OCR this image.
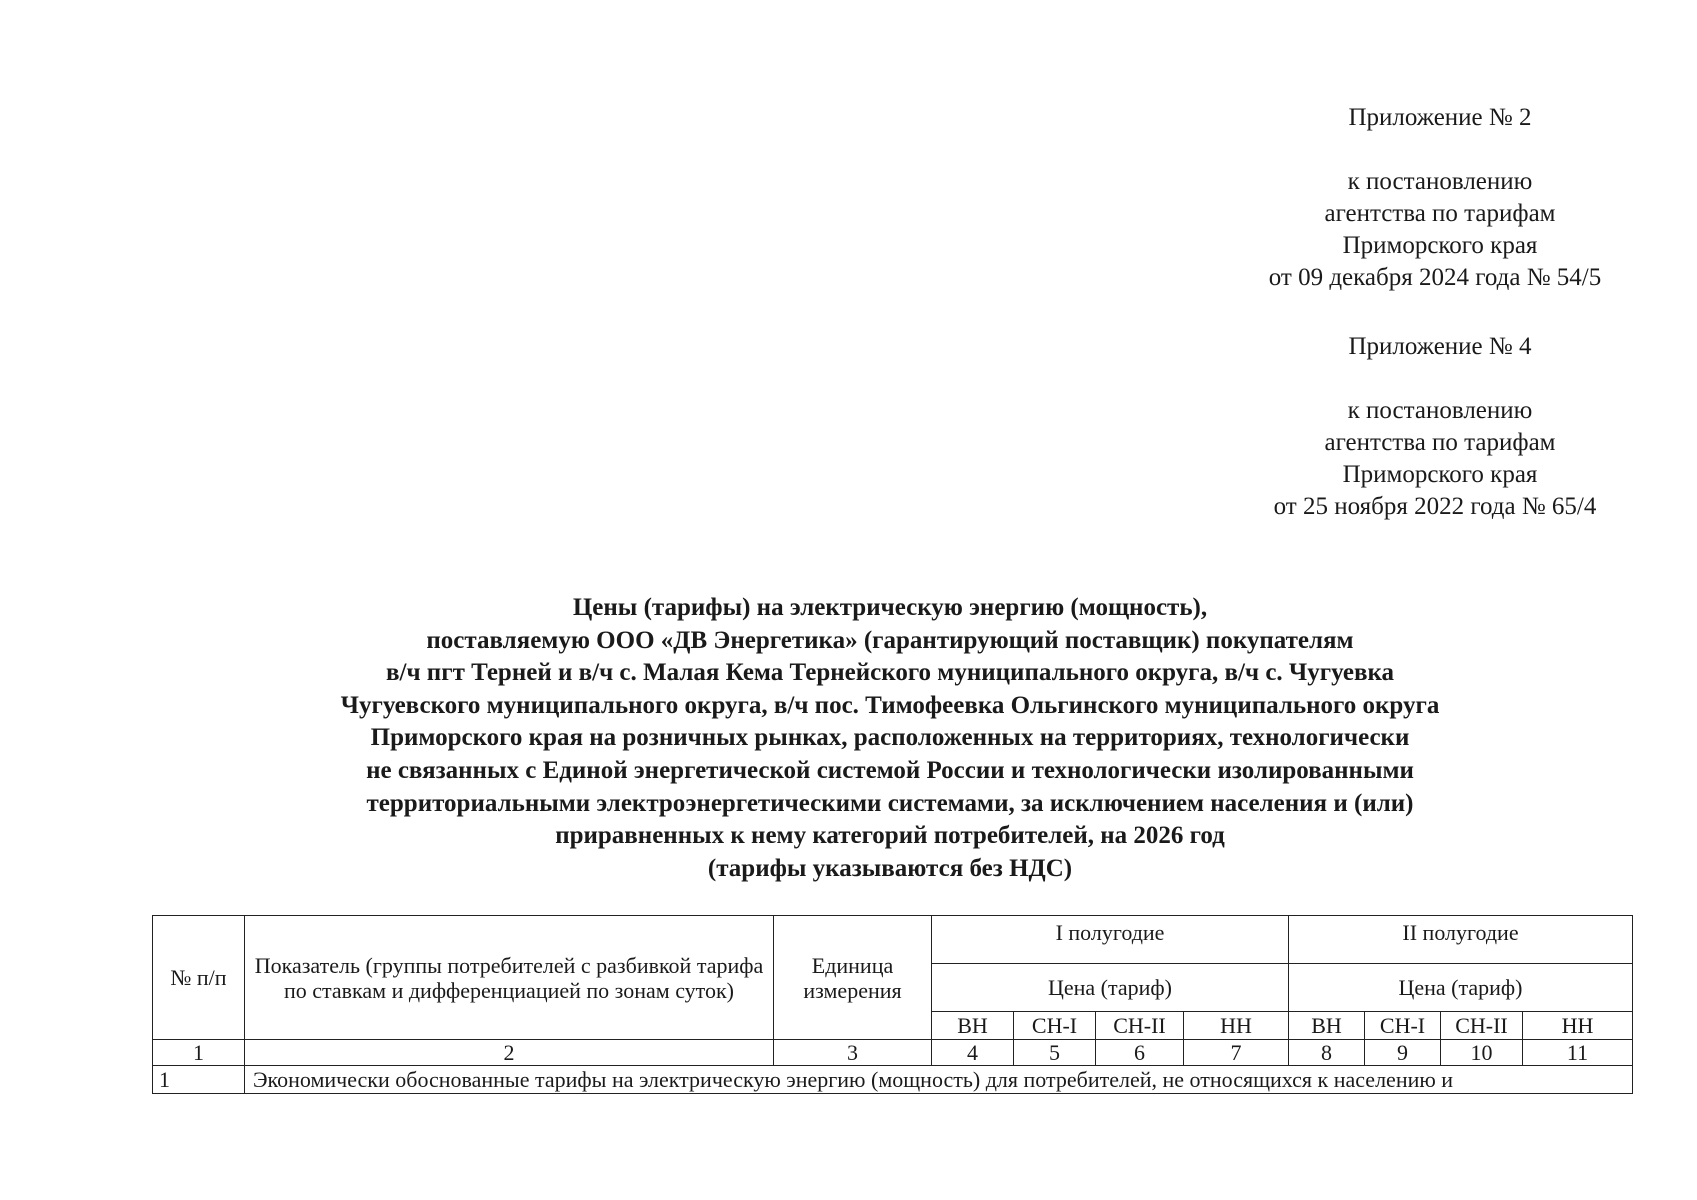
Приложение № 2
к постановлению
агентства по тарифам
Приморского края
от 09 декабря 2024 года № 54/5
Приложение № 4
к постановлению
агентства по тарифам
Приморского края
от 25 ноября 2022 года № 65/4
Цены (тарифы) на электрическую энергию (мощность),
поставляемую ООО «ДВ Энергетика» (гарантирующий поставщик) покупателям
в/ч пгт Терней и в/ч с. Малая Кема Тернейского муниципального округа, в/ч с. Чугуевка
Чугуевского муниципального округа, в/ч пос. Тимофеевка Ольгинского муниципального округа
Приморского края на розничных рынках, расположенных на территориях, технологически
не связанных с Единой энергетической системой России и технологически изолированными
территориальными электроэнергетическими системами, за исключением населения и (или)
приравненных к нему категорий потребителей, на 2026 год
(тарифы указываются без НДС)
№ п/п	Показатель (группы потребителей с разбивкой тарифа по ставкам и дифференциацией по зонам суток)	Единица измерения	I полугодие				II полугодие			
			Цена (тариф)				Цена (тариф)			
			ВН	СН-I	СН-II	НН	ВН	СН-I	СН-II	НН
1	2	3	4	5	6	7	8	9	10	11
1	Экономически обоснованные тарифы на электрическую энергию (мощность) для потребителей, не относящихся к населению и									
